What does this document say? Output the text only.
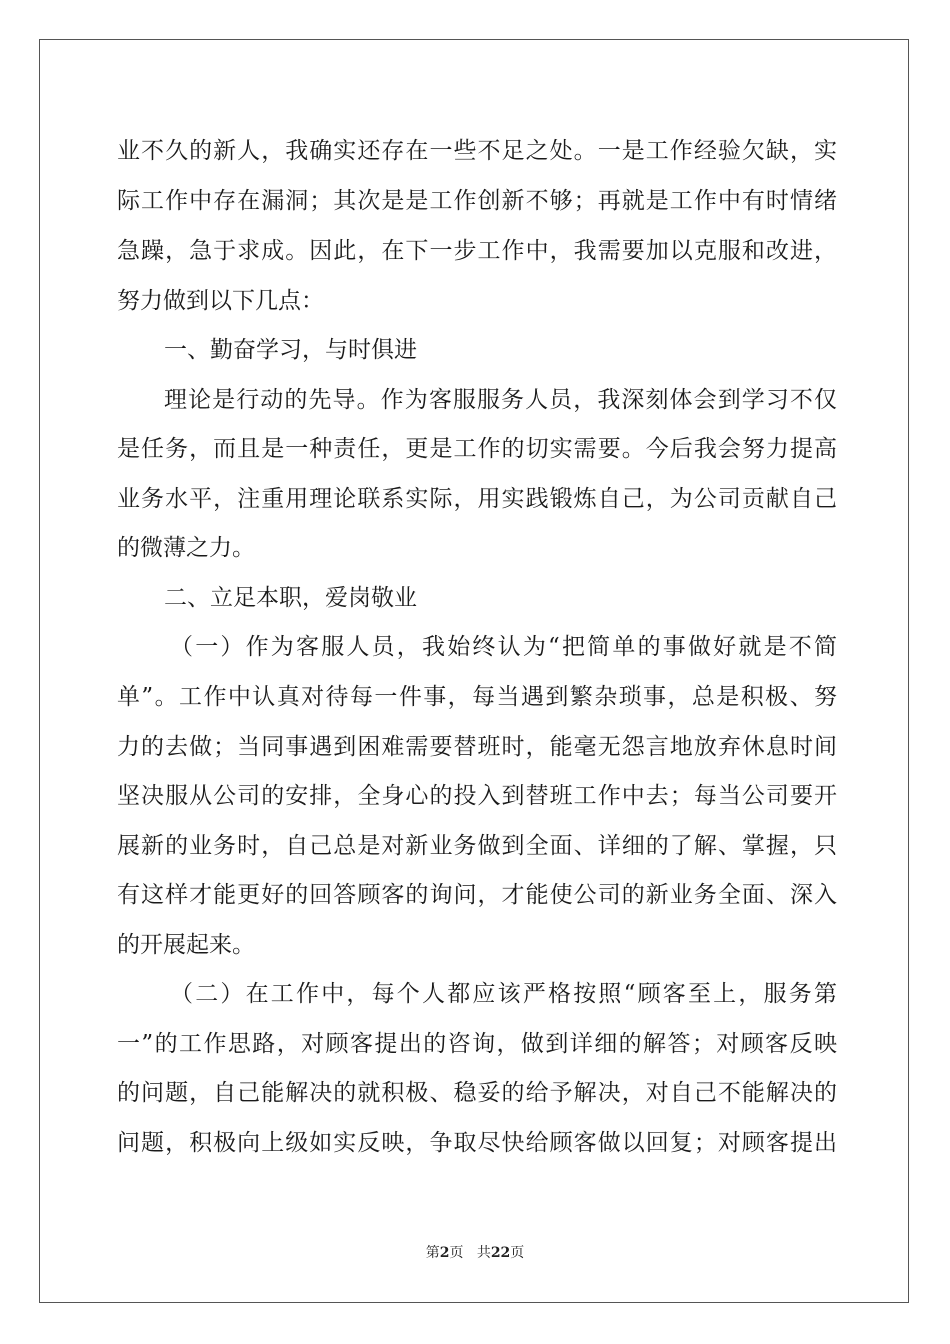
业不久的新人，我确实还存在一些不足之处。一是工作经验欠缺，实
际工作中存在漏洞；其次是是工作创新不够；再就是工作中有时情绪
急躁，急于求成。因此，在下一步工作中，我需要加以克服和改进，
努力做到以下几点：
一、勤奋学习，与时俱进
理论是行动的先导。作为客服服务人员，我深刻体会到学习不仅
是任务，而且是一种责任，更是工作的切实需要。今后我会努力提高
业务水平，注重用理论联系实际，用实践锻炼自己，为公司贡献自己
的微薄之力。
二、立足本职，爱岗敬业
（一）作为客服人员，我始终认为“把简单的事做好就是不简
单”。工作中认真对待每一件事，每当遇到繁杂琐事，总是积极、努
力的去做；当同事遇到困难需要替班时，能毫无怨言地放弃休息时间
坚决服从公司的安排，全身心的投入到替班工作中去；每当公司要开
展新的业务时，自己总是对新业务做到全面、详细的了解、掌握，只
有这样才能更好的回答顾客的询问，才能使公司的新业务全面、深入
的开展起来。
（二）在工作中，每个人都应该严格按照“顾客至上，服务第
一”的工作思路，对顾客提出的咨询，做到详细的解答；对顾客反映
的问题，自己能解决的就积极、稳妥的给予解决，对自己不能解决的
问题，积极向上级如实反映，争取尽快给顾客做以回复；对顾客提出
第2页 共22页
